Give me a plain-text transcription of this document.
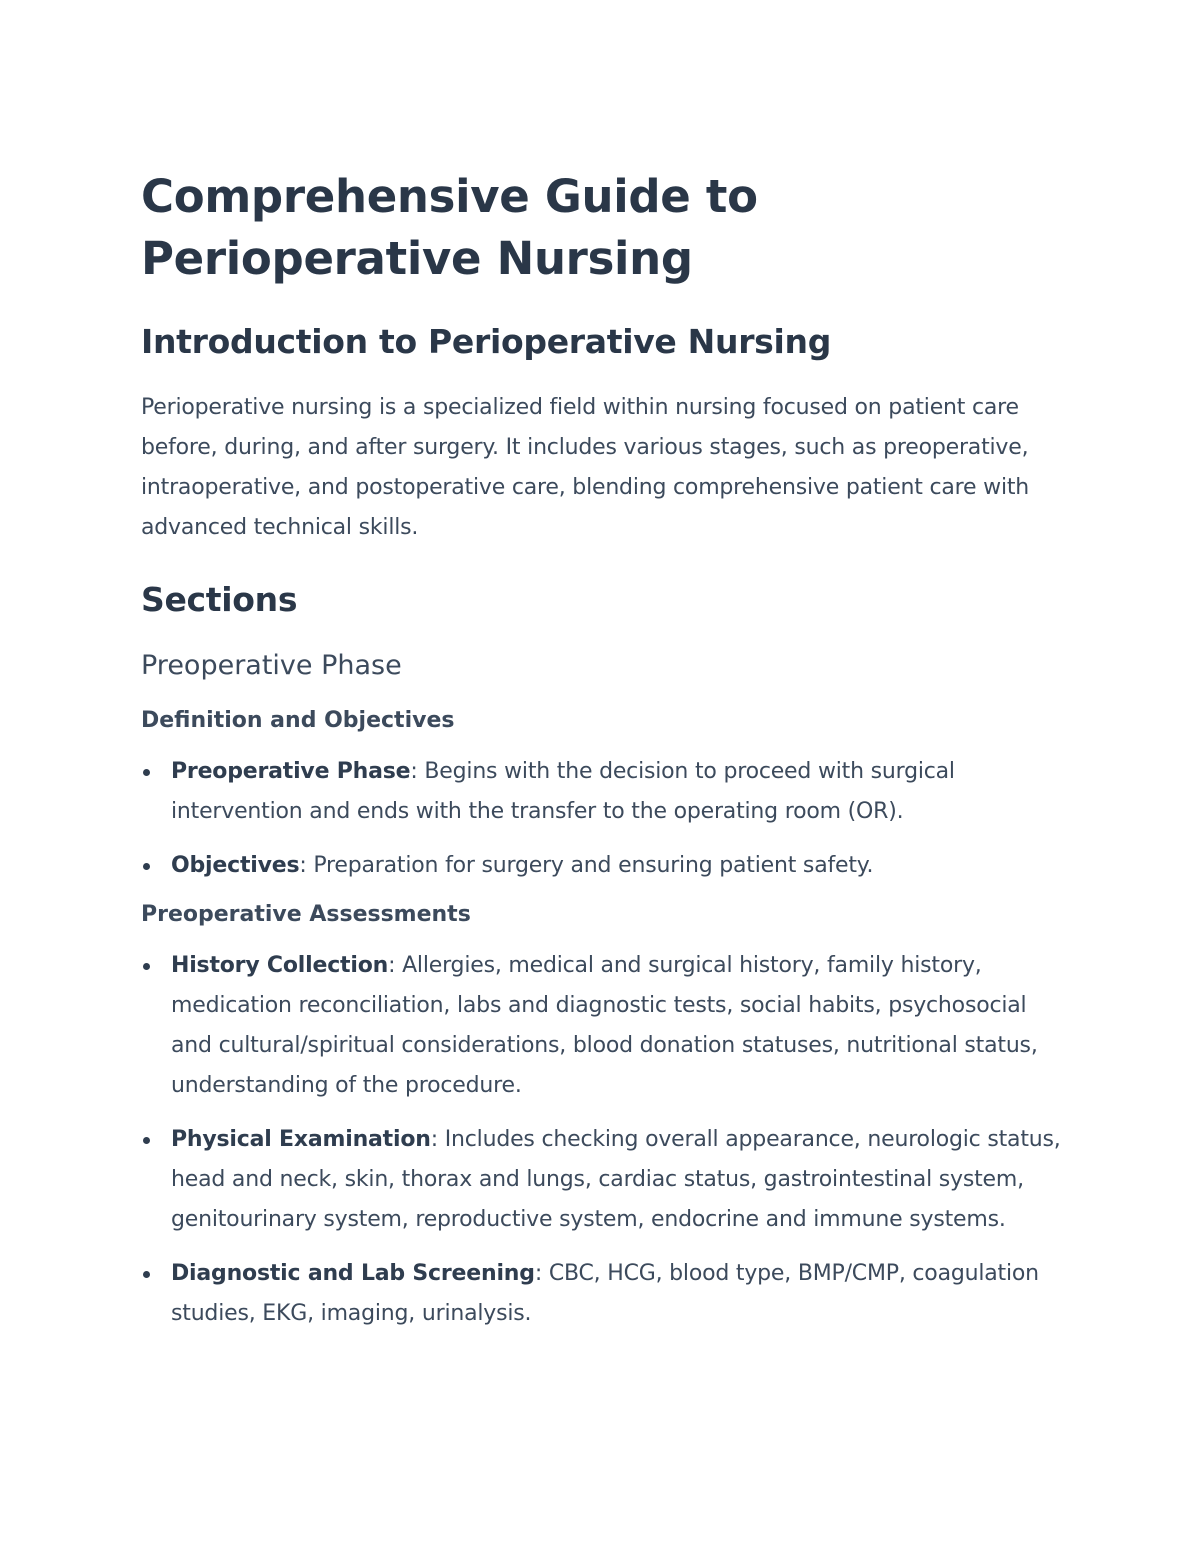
Comprehensive Guide to Perioperative Nursing
Introduction to Perioperative Nursing

Perioperative nursing is a specialized field within nursing focused on patient care before, during, and after surgery. It includes various stages, such as preoperative, intraoperative, and postoperative care, blending comprehensive patient care with advanced technical skills.

Sections
Preoperative Phase
Definition and Objectives
Preoperative Phase: Begins with the decision to proceed with surgical intervention and ends with the transfer to the operating room (OR).
Objectives: Preparation for surgery and ensuring patient safety.
Preoperative Assessments
History Collection: Allergies, medical and surgical history, family history, medication reconciliation, labs and diagnostic tests, social habits, psychosocial and cultural/spiritual considerations, blood donation statuses, nutritional status, understanding of the procedure.
Physical Examination: Includes checking overall appearance, neurologic status, head and neck, skin, thorax and lungs, cardiac status, gastrointestinal system, genitourinary system, reproductive system, endocrine and immune systems.
Diagnostic and Lab Screening: CBC, HCG, blood type, BMP/CMP, coagulation studies, EKG, imaging, urinalysis.
